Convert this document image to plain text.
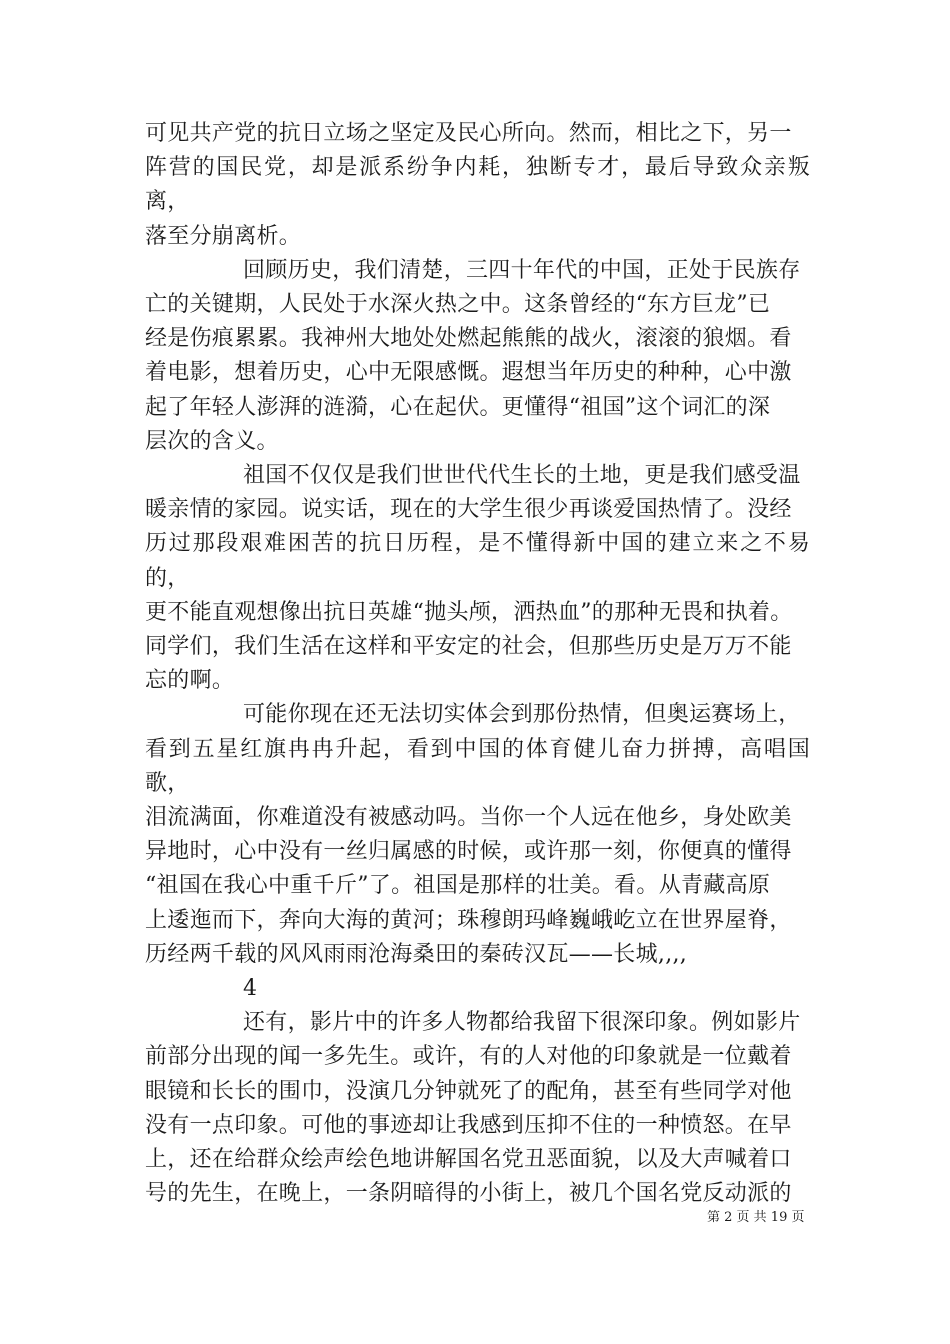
可见共产党的抗日立场之坚定及民心所向。然而，相比之下，另一
阵营的国民党，却是派系纷争内耗，独断专才，最后导致众亲叛离，
落至分崩离析。

回顾历史，我们清楚，三四十年代的中国，正处于民族存
亡的关键期，人民处于水深火热之中。这条曾经的“东方巨龙”已
经是伤痕累累。我神州大地处处燃起熊熊的战火，滚滚的狼烟。看
着电影，想着历史，心中无限感慨。遐想当年历史的种种，心中激
起了年轻人澎湃的涟漪，心在起伏。更懂得“祖国”这个词汇的深
层次的含义。

祖国不仅仅是我们世世代代生长的土地，更是我们感受温
暖亲情的家园。说实话，现在的大学生很少再谈爱国热情了。没经
历过那段艰难困苦的抗日历程，是不懂得新中国的建立来之不易的，
更不能直观想像出抗日英雄“抛头颅，洒热血”的那种无畏和执着。
同学们，我们生活在这样和平安定的社会，但那些历史是万万不能
忘的啊。

可能你现在还无法切实体会到那份热情，但奥运赛场上，
看到五星红旗冉冉升起，看到中国的体育健儿奋力拼搏，高唱国歌，
泪流满面，你难道没有被感动吗。当你一个人远在他乡，身处欧美
异地时，心中没有一丝归属感的时候，或许那一刻，你便真的懂得
“祖国在我心中重千斤”了。祖国是那样的壮美。看。从青藏高原
上逶迤而下，奔向大海的黄河；珠穆朗玛峰巍峨屹立在世界屋脊，
历经两千载的风风雨雨沧海桑田的秦砖汉瓦——长城,,,,

4

还有，影片中的许多人物都给我留下很深印象。例如影片
前部分出现的闻一多先生。或许，有的人对他的印象就是一位戴着
眼镜和长长的围巾，没演几分钟就死了的配角，甚至有些同学对他
没有一点印象。可他的事迹却让我感到压抑不住的一种愤怒。在早
上，还在给群众绘声绘色地讲解国名党丑恶面貌，以及大声喊着口
号的先生，在晚上，一条阴暗得的小街上，被几个国名党反动派的

第 2 页 共 19 页
